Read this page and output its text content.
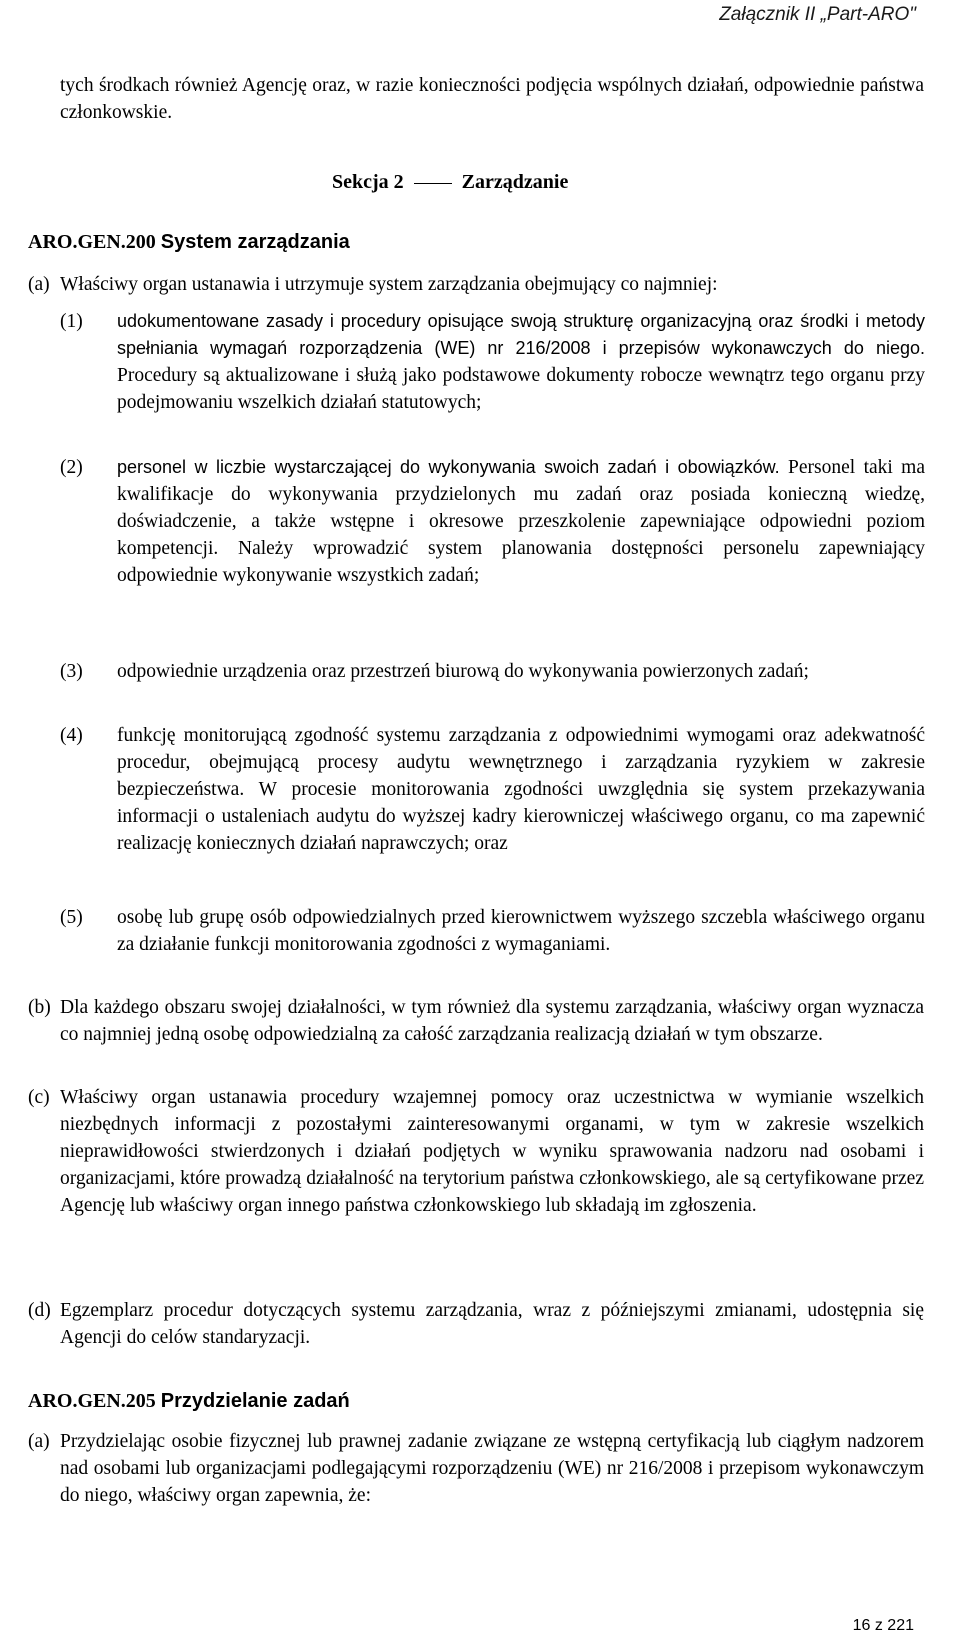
Załącznik II „Part-ARO"
tych środkach również Agencję oraz, w razie konieczności podjęcia wspólnych działań, odpowiednie państwa członkowskie.
Sekcja 2	Zarządzanie
ARO.GEN.200 System zarządzania
(a) Właściwy organ ustanawia i utrzymuje system zarządzania obejmujący co najmniej:
(1) udokumentowane zasady i procedury opisujące swoją strukturę organizacyjną oraz środki i metody spełniania wymagań rozporządzenia (WE) nr 216/2008 i przepisów wykonawczych do niego. Procedury są aktualizowane i służą jako podstawowe dokumenty robocze wewnątrz tego organu przy podejmowaniu wszelkich działań statutowych;
(2) personel w liczbie wystarczającej do wykonywania swoich zadań i obowiązków. Personel taki ma kwalifikacje do wykonywania przydzielonych mu zadań oraz posiada konieczną wiedzę, doświadczenie, a także wstępne i okresowe przeszkolenie zapewniające odpowiedni poziom kompetencji. Należy wprowadzić system planowania dostępności personelu zapewniający odpowiednie wykonywanie wszystkich zadań;
(3) odpowiednie urządzenia oraz przestrzeń biurową do wykonywania powierzonych zadań;
(4) funkcję monitorującą zgodność systemu zarządzania z odpowiednimi wymogami oraz adekwatność procedur, obejmującą procesy audytu wewnętrznego i zarządzania ryzykiem w zakresie bezpieczeństwa. W procesie monitorowania zgodności uwzględnia się system przekazywania informacji o ustaleniach audytu do wyższej kadry kierowniczej właściwego organu, co ma zapewnić realizację koniecznych działań naprawczych; oraz
(5) osobę lub grupę osób odpowiedzialnych przed kierownictwem wyższego szczebla właściwego organu za działanie funkcji monitorowania zgodności z wymaganiami.
(b) Dla każdego obszaru swojej działalności, w tym również dla systemu zarządzania, właściwy organ wyznacza co najmniej jedną osobę odpowiedzialną za całość zarządzania realizacją działań w tym obszarze.
(c) Właściwy organ ustanawia procedury wzajemnej pomocy oraz uczestnictwa w wymianie wszelkich niezbędnych informacji z pozostałymi zainteresowanymi organami, w tym w zakresie wszelkich nieprawidłowości stwierdzonych i działań podjętych w wyniku sprawowania nadzoru nad osobami i organizacjami, które prowadzą działalność na terytorium państwa członkowskiego, ale są certyfikowane przez Agencję lub właściwy organ innego państwa członkowskiego lub składają im zgłoszenia.
(d) Egzemplarz procedur dotyczących systemu zarządzania, wraz z późniejszymi zmianami, udostępnia się Agencji do celów standaryzacji.
ARO.GEN.205 Przydzielanie zadań
(a) Przydzielając osobie fizycznej lub prawnej zadanie związane ze wstępną certyfikacją lub ciągłym nadzorem nad osobami lub organizacjami podlegającymi rozporządzeniu (WE) nr 216/2008 i przepisom wykonawczym do niego, właściwy organ zapewnia, że:
16 z 221
